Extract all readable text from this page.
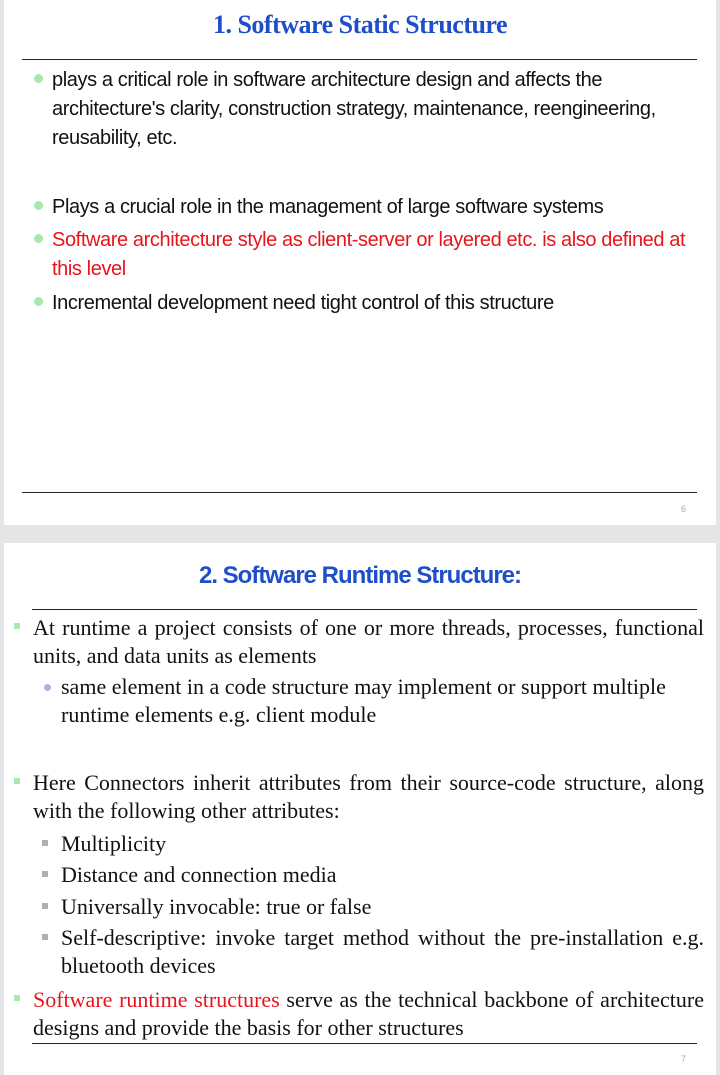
1. Software Static Structure
plays a critical role in software architecture design and affects the architecture's clarity, construction strategy, maintenance, reengineering, reusability, etc.
Plays a crucial role in the management of large software systems
Software architecture style as client-server or layered etc. is also defined at this level
Incremental development need tight control of this structure
6
2. Software Runtime Structure:
At runtime a project consists of one or more threads, processes, functional units, and data units as elements
same element in a code structure may implement or support multiple runtime elements e.g. client module
Here Connectors inherit attributes from their source-code structure, along with the following other attributes:
Multiplicity
Distance and connection media
Universally invocable: true or false
Self-descriptive: invoke target method without the pre-installation e.g. bluetooth devices
Software runtime structures serve as the technical backbone of architecture designs and provide the basis for other structures
7
